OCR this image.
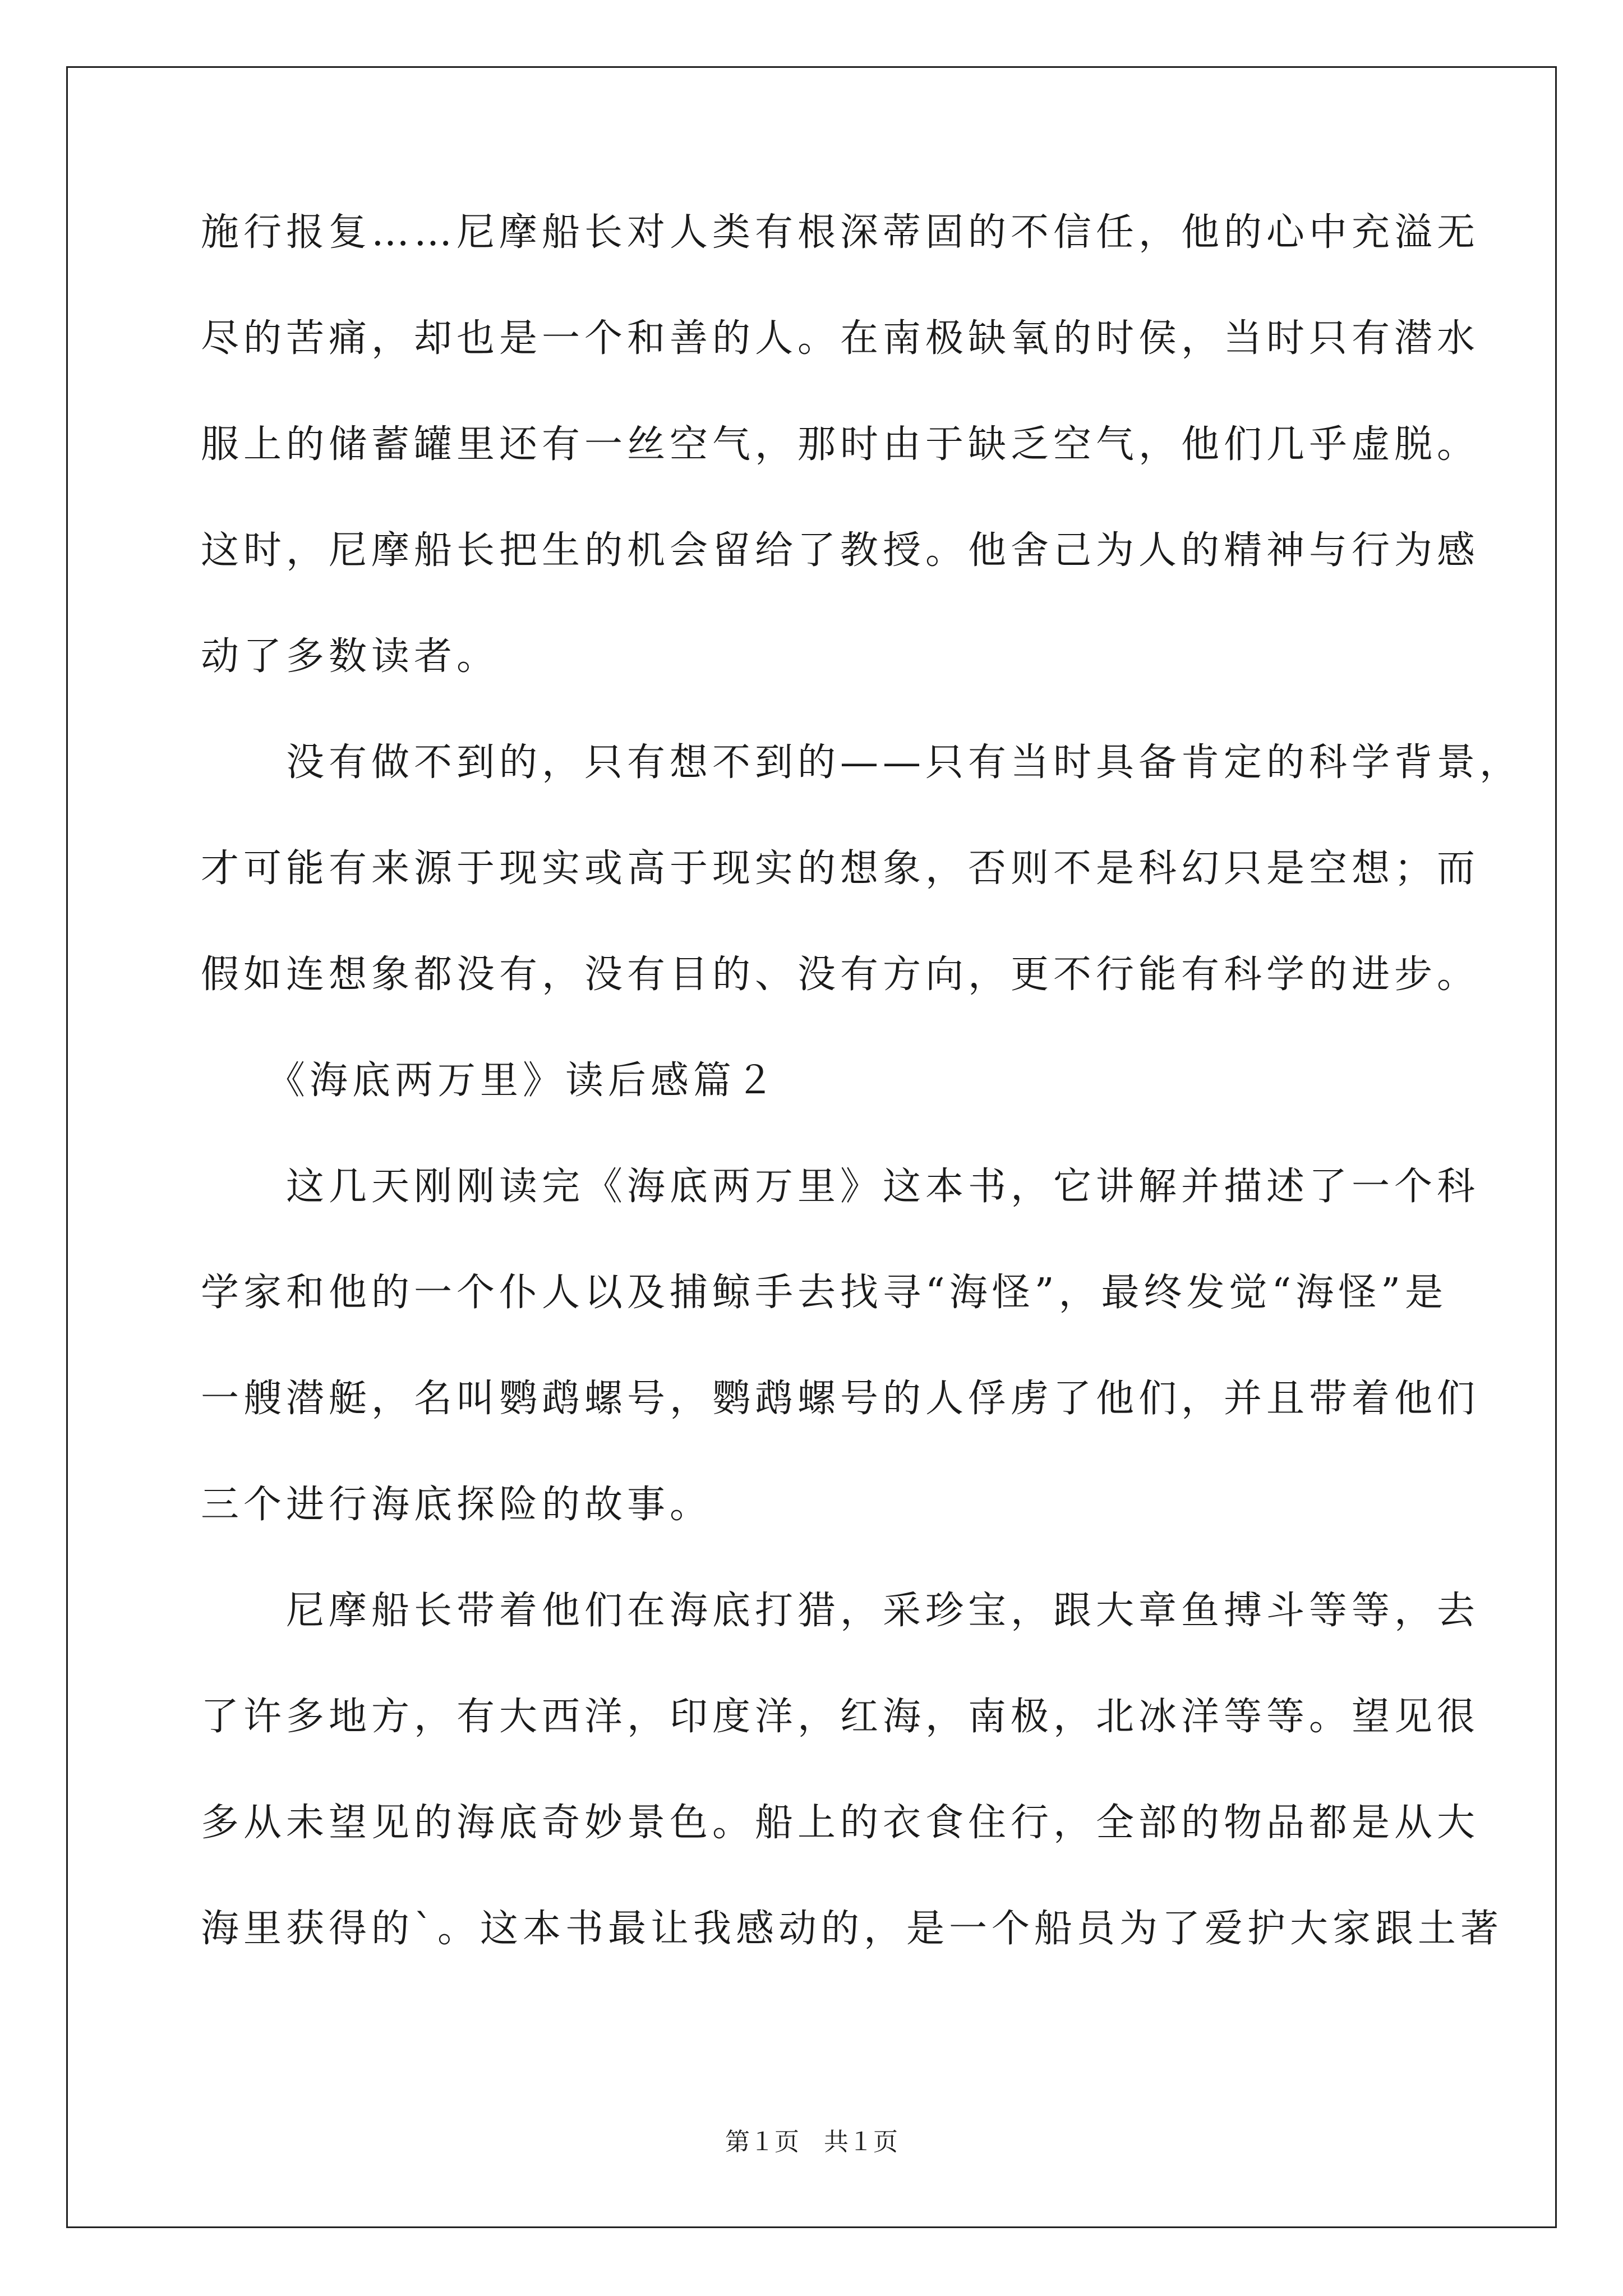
施行报复……尼摩船长对人类有根深蒂固的不信任，他的心中充溢无
尽的苦痛，却也是一个和善的人。在南极缺氧的时侯，当时只有潜水
服上的储蓄罐里还有一丝空气，那时由于缺乏空气，他们几乎虚脱。
这时，尼摩船长把生的机会留给了教授。他舍己为人的精神与行为感
动了多数读者。
　　没有做不到的，只有想不到的——只有当时具备肯定的科学背景，
才可能有来源于现实或高于现实的想象，否则不是科幻只是空想；而
假如连想象都没有，没有目的、没有方向，更不行能有科学的进步。
　　《海底两万里》读后感篇２
　　这几天刚刚读完《海底两万里》这本书，它讲解并描述了一个科
学家和他的一个仆人以及捕鲸手去找寻“海怪”，最终发觉“海怪”是
一艘潜艇，名叫鹦鹉螺号，鹦鹉螺号的人俘虏了他们，并且带着他们
三个进行海底探险的故事。
　　尼摩船长带着他们在海底打猎，采珍宝，跟大章鱼搏斗等等，去
了许多地方，有大西洋，印度洋，红海，南极，北冰洋等等。望见很
多从未望见的海底奇妙景色。船上的衣食住行，全部的物品都是从大
海里获得的`。这本书最让我感动的，是一个船员为了爱护大家跟土著
第１页　共１页
